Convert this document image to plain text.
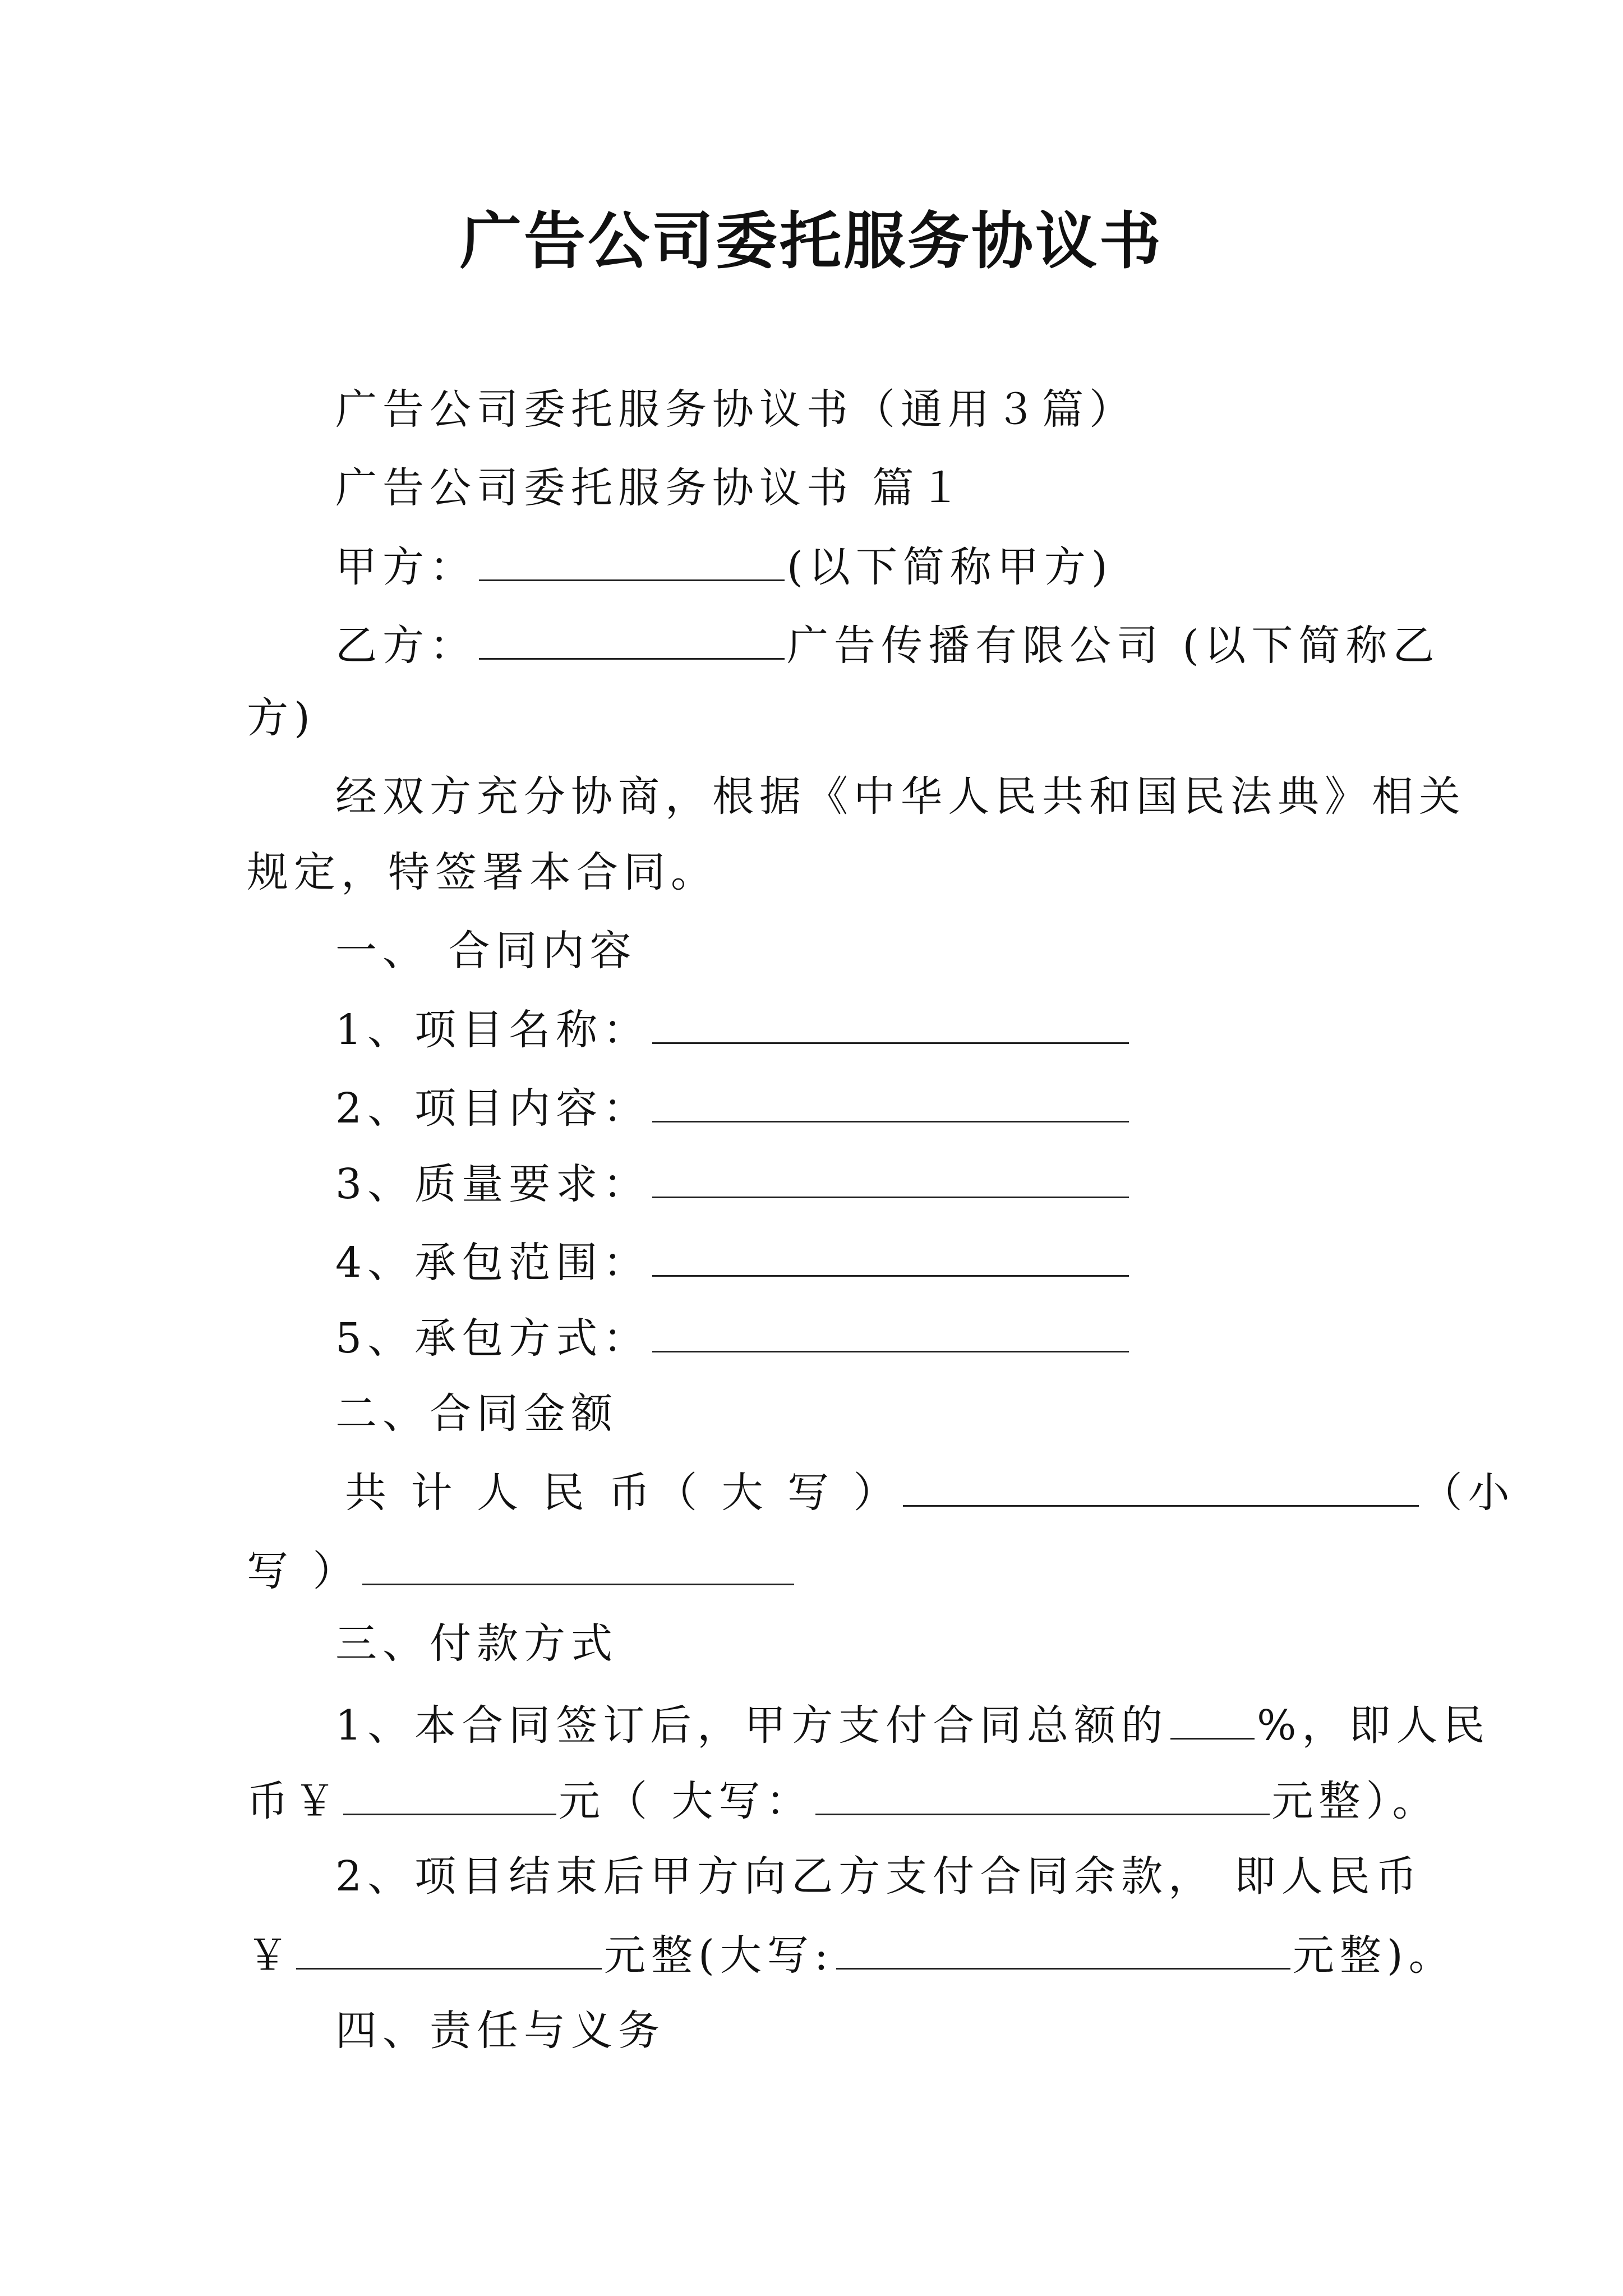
广告公司委托服务协议书
广告公司委托服务协议书（通用３篇）
广告公司委托服务协议书 篇１
甲方：	(以下简称甲方)
乙方：	广告传播有限公司 (以下简称乙
方)
经双方充分协商，根据《中华人民共和国民法典》相关
规定，特签署本合同。
一、 合同内容
1、项目名称：
2、项目内容：
3、质量要求：
4、承包范围：
5、承包方式：
二、合同金额
共 计 人 民 币（ 大 写 ）	（小
写 ）
三、付款方式
1、本合同签订后，甲方支付合同总额的 %，即人民
币￥	元（ 大写：	元整）。
2、项目结束后甲方向乙方支付合同余款， 即人民币
￥	元整(大写:	元整)。
四、责任与义务
